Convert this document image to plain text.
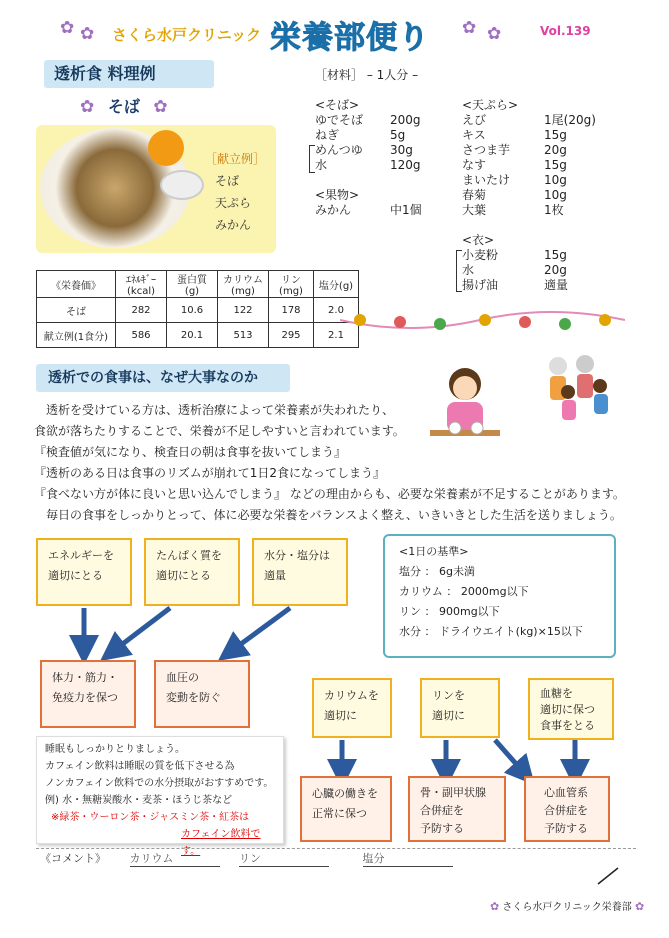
✿ ✿ さくら水戸クリニック 栄養部便り ✿ ✿	Vol.139
透析食 料理例
✿ そば ✿
［献立例］
そば
天ぷら
みかん
［材料］ – 1人分 –
<そば>
ゆでそば	200g
ねぎ	5g
めんつゆ	30g
水	120g
<果物>
みかん	中1個
<天ぷら>
えび	1尾(20g)
キス	15g
さつま芋	20g
なす	15g
まいたけ	10g
春菊	10g
大葉	1枚
<衣>
小麦粉	15g
水	20g
揚げ油	適量
《栄養価》	ｴﾈﾙｷﾞｰ(kcal)	蛋白質(g)	カリウム(mg)	リン(mg)	塩分(g)
そば	282	10.6	122	178	2.0
献立例(1食分)	586	20.1	513	295	2.1
透析での食事は、なぜ大事なのか
透析を受けている方は、透析治療によって栄養素が失われたり、
食欲が落ちたりすることで、栄養が不足しやすいと言われています。
『検査値が気になり、検査日の朝は食事を抜いてしまう』
『透析のある日は食事のリズムが崩れて1日2食になってしまう』
『食べない方が体に良いと思い込んでしまう』 などの理由からも、必要な栄養素が不足することがあります。
毎日の食事をしっかりとって、体に必要な栄養をバランスよく整え、いきいきとした生活を送りましょう。
エネルギーを
適切にとる
たんぱく質を
適切にとる
水分・塩分は
適量
<1日の基準>
塩分 ： 6g未満
カリウム ： 2000mg以下
リン ： 900mg以下
水分 ： ドライウエイト(kg)×15以下
体力・筋力・
免疫力を保つ
血圧の
変動を防ぐ	カリウムを
適切に
リンを
適切に
血糖を
適切に保つ
食事をとる
睡眠もしっかりとりましょう。
カフェイン飲料は睡眠の質を低下させる為
ノンカフェイン飲料での水分摂取がおすすめです。
例) 水・無糖炭酸水・麦茶・ほうじ茶など
※緑茶・ウーロン茶・ジャスミン茶・紅茶は
カフェイン飲料です。
心臓の働きを
正常に保つ
骨・副甲状腺
合併症を
予防する
心血管系
合併症を
予防する
《コメント》 カリウム	リン	塩分
✿ さくら水戸クリニック栄養部 ✿
